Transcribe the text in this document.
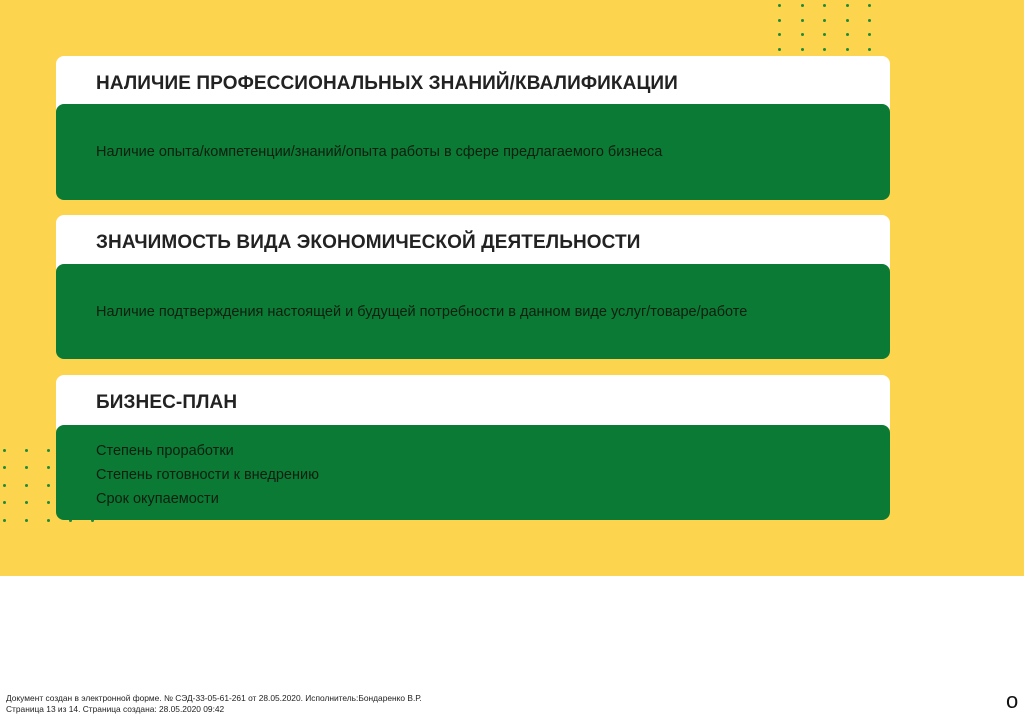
НАЛИЧИЕ ПРОФЕССИОНАЛЬНЫХ ЗНАНИЙ/КВАЛИФИКАЦИИ
Наличие опыта/компетенции/знаний/опыта работы в сфере предлагаемого бизнеса
ЗНАЧИМОСТЬ ВИДА ЭКОНОМИЧЕСКОЙ ДЕЯТЕЛЬНОСТИ
Наличие подтверждения настоящей и будущей потребности в данном виде услуг/товаре/работе
БИЗНЕС-ПЛАН
Степень проработки
Степень готовности к внедрению
Срок окупаемости
Документ создан в электронной форме. № СЭД-33-05-61-261 от 28.05.2020. Исполнитель:Бондаренко В.Р.
Страница 13 из 14. Страница создана: 28.05.2020 09:42	o
